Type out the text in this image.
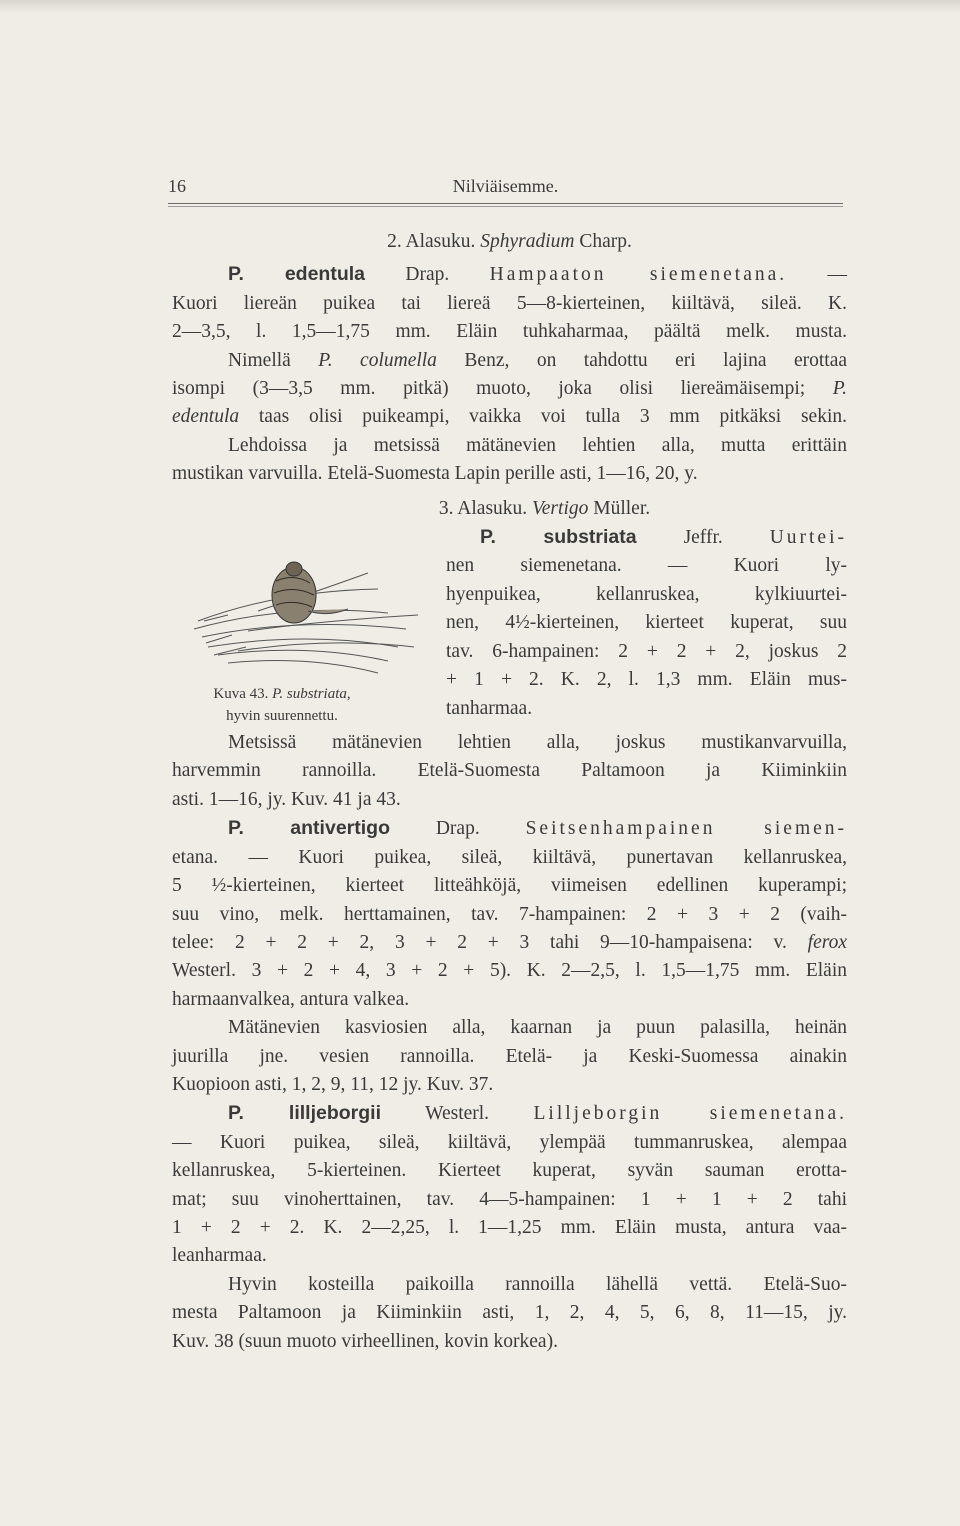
16	Nilviäisemme.
2. Alasuku. Sphyradium Charp.
P. edentula Drap. Hampaaton siemenetana. —
Kuori liereän puikea tai liereä 5—8-kierteinen, kiiltävä, sileä. K.
2—3,5, l. 1,5—1,75 mm. Eläin tuhkaharmaa, päältä melk. musta.
Nimellä P. columella Benz, on tahdottu eri lajina erottaa
isompi (3—3,5 mm. pitkä) muoto, joka olisi liereämäisempi; P.
edentula taas olisi puikeampi, vaikka voi tulla 3 mm pitkäksi sekin.
Lehdoissa ja metsissä mätänevien lehtien alla, mutta erittäin
mustikan varvuilla. Etelä-Suomesta Lapin perille asti, 1—16, 20, y.
3. Alasuku. Vertigo Müller.
Kuva 43. P. substriata,
hyvin suurennettu.
P. substriata Jeffr. Uurtei-
nen siemenetana. — Kuori ly-
hyenpuikea, kellanruskea, kylkiuurtei-
nen, 4½-kierteinen, kierteet kuperat, suu
tav. 6-hampainen: 2 + 2 + 2, joskus 2
+ 1 + 2. K. 2, l. 1,3 mm. Eläin mus-
tanharmaa.
Metsissä mätänevien lehtien alla, joskus mustikanvarvuilla,
harvemmin rannoilla. Etelä-Suomesta Paltamoon ja Kiiminkiin
asti. 1—16, jy. Kuv. 41 ja 43.
P. antivertigo Drap. Seitsenhampainen siemen-
etana. — Kuori puikea, sileä, kiiltävä, punertavan kellanruskea,
5 ½-kierteinen, kierteet litteähköjä, viimeisen edellinen kuperampi;
suu vino, melk. herttamainen, tav. 7-hampainen: 2 + 3 + 2 (vaih-
telee: 2 + 2 + 2, 3 + 2 + 3 tahi 9—10-hampaisena: v. ferox
Westerl. 3 + 2 + 4, 3 + 2 + 5). K. 2—2,5, l. 1,5—1,75 mm. Eläin
harmaanvalkea, antura valkea.
Mätänevien kasviosien alla, kaarnan ja puun palasilla, heinän
juurilla jne. vesien rannoilla. Etelä- ja Keski-Suomessa ainakin
Kuopioon asti, 1, 2, 9, 11, 12 jy. Kuv. 37.
P. lilljeborgii Westerl. Lilljeborgin siemenetana.
— Kuori puikea, sileä, kiiltävä, ylempää tummanruskea, alempaa
kellanruskea, 5-kierteinen. Kierteet kuperat, syvän sauman erotta-
mat; suu vinoherttainen, tav. 4—5-hampainen: 1 + 1 + 2 tahi
1 + 2 + 2. K. 2—2,25, l. 1—1,25 mm. Eläin musta, antura vaa-
leanharmaa.
Hyvin kosteilla paikoilla rannoilla lähellä vettä. Etelä-Suo-
mesta Paltamoon ja Kiiminkiin asti, 1, 2, 4, 5, 6, 8, 11—15, jy.
Kuv. 38 (suun muoto virheellinen, kovin korkea).
